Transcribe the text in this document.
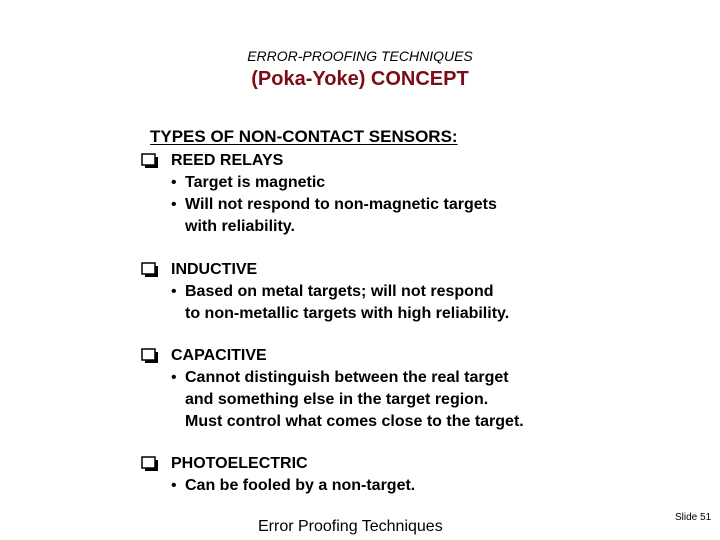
ERROR-PROOFING TECHNIQUES
(Poka-Yoke) CONCEPT
TYPES OF NON-CONTACT SENSORS:
REED RELAYS
• Target is magnetic
• Will not respond to non-magnetic targets
with reliability.
INDUCTIVE
• Based on metal targets; will not respond
to non-metallic targets with high reliability.
CAPACITIVE
• Cannot distinguish between the real target
and something else in the target region.
Must control what comes close to the target.
PHOTOELECTRIC
• Can be fooled by a non-target.
Error Proofing Techniques
Slide 51
